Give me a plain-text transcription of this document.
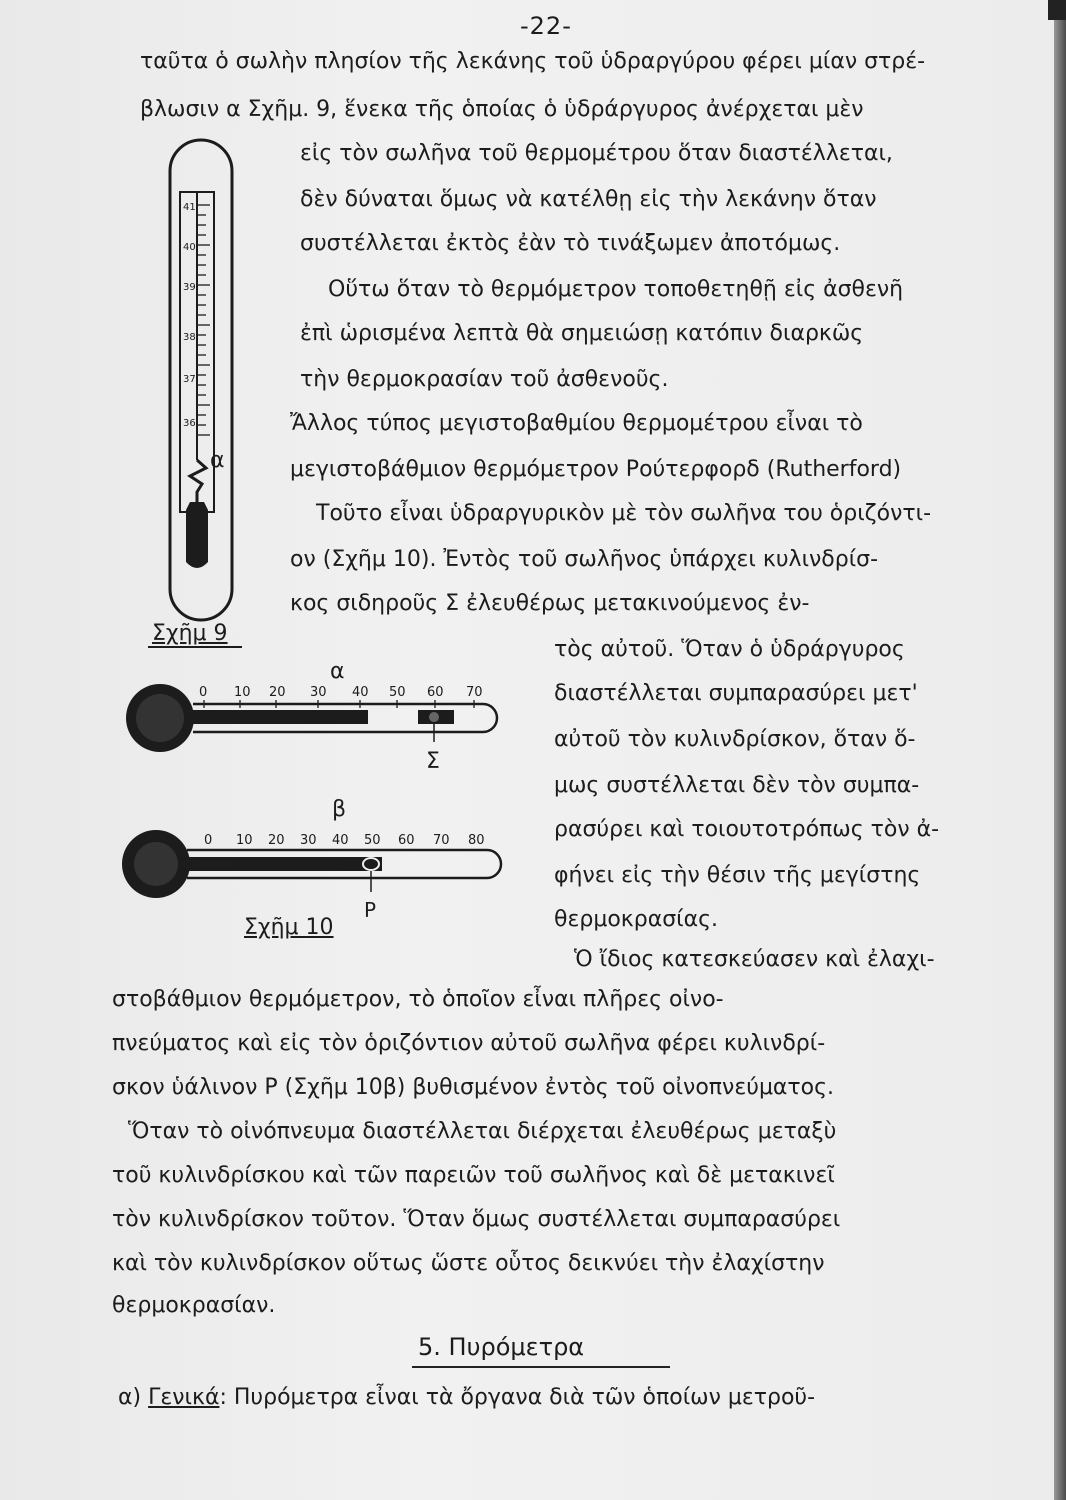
-22-
ταῦτα ὁ σωλὴν πλησίον τῆς λεκάνης τοῦ ὑδραργύρου φέρει μίαν στρέ-
βλωσιν α Σχῆμ. 9, ἕνεκα τῆς ὁποίας ὁ ὑδράργυρος ἀνέρχεται μὲν
εἰς τὸν σωλῆνα τοῦ θερμομέτρου ὅταν διαστέλλεται,
δὲν δύναται ὅμως νὰ κατέλθῃ εἰς τὴν λεκάνην ὅταν
συστέλλεται ἐκτὸς ἐὰν τὸ τινάξωμεν ἀποτόμως.
Οὕτω ὅταν τὸ θερμόμετρον τοποθετηθῇ εἰς ἀσθενῆ
ἐπὶ ὡρισμένα λεπτὰ θὰ σημειώσῃ κατόπιν διαρκῶς
τὴν θερμοκρασίαν τοῦ ἀσθενοῦς.
Ἄλλος τύπος μεγιστοβαθμίου θερμομέτρου εἶναι τὸ
μεγιστοβάθμιον θερμόμετρον Ρούτερφορδ (Rutherford)
Τοῦτο εἶναι ὑδραργυρικὸν μὲ τὸν σωλῆνα του ὁριζόντι-
ον (Σχῆμ 10). Ἐντὸς τοῦ σωλῆνος ὑπάρχει κυλινδρίσ-
κος σιδηροῦς Σ ἐλευθέρως μετακινούμενος ἐν-
τὸς αὐτοῦ. Ὅταν ὁ ὑδράργυρος
διαστέλλεται συμπαρασύρει μετ'
αὐτοῦ τὸν κυλινδρίσκον, ὅταν ὅ-
μως συστέλλεται δὲν τὸν συμπα-
ρασύρει καὶ τοιουτοτρόπως τὸν ἀ-
φήνει εἰς τὴν θέσιν τῆς μεγίστης
θερμοκρασίας.
Ὁ ἴδιος κατεσκεύασεν καὶ ἐλαχι-
στοβάθμιον θερμόμετρον, τὸ ὁποῖον εἶναι πλῆρες οἰνο-
πνεύματος καὶ εἰς τὸν ὁριζόντιον αὐτοῦ σωλῆνα φέρει κυλινδρί-
σκον ὑάλινον Ρ (Σχῆμ 10β) βυθισμένον ἐντὸς τοῦ οἰνοπνεύματος.
Ὅταν τὸ οἰνόπνευμα διαστέλλεται διέρχεται ἐλευθέρως μεταξὺ
τοῦ κυλινδρίσκου καὶ τῶν παρειῶν τοῦ σωλῆνος καὶ δὲ μετακινεῖ
τὸν κυλινδρίσκον τοῦτον. Ὅταν ὅμως συστέλλεται συμπαρασύρει
καὶ τὸν κυλινδρίσκον οὕτως ὥστε οὗτος δεικνύει τὴν ἐλαχίστην
θερμοκρασίαν.
5. Πυρόμετρα
α) Γενικά: Πυρόμετρα εἶναι τὰ ὄργανα διὰ τῶν ὁποίων μετροῦ-
41
40
39
38
37
36
α
Σχῆμ 9
α
β
0 10 20 30 40 50 60 70
Σ
0 10 20 30 40 50 60 70 80
Ρ
Σχῆμ 10
